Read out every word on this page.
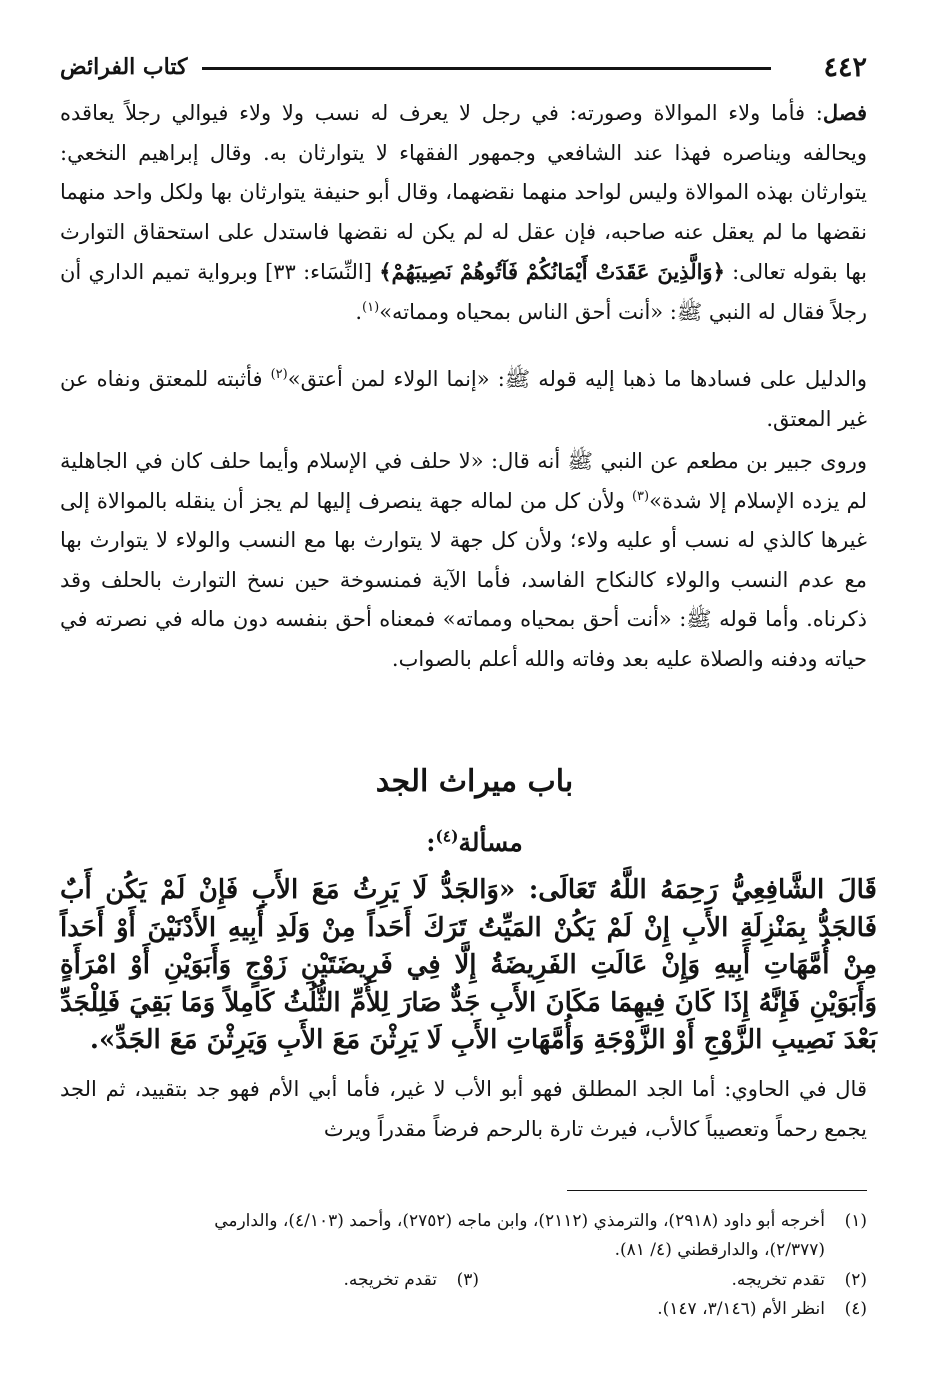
٤٤٢
كتاب الفرائض

فصل: فأما ولاء الموالاة وصورته: في رجل لا يعرف له نسب ولا ولاء فيوالي رجلاً يعاقده ويحالفه ويناصره فهذا عند الشافعي وجمهور الفقهاء لا يتوارثان به. وقال إبراهيم النخعي: يتوارثان بهذه الموالاة وليس لواحد منهما نقضهما، وقال أبو حنيفة يتوارثان بها ولكل واحد منهما نقضها ما لم يعقل عنه صاحبه، فإن عقل له لم يكن له نقضها فاستدل على استحقاق التوارث بها بقوله تعالى: ﴿وَالَّذِينَ عَقَدَتْ أَيْمَانُكُمْ فَآتُوهُمْ نَصِيبَهُمْ﴾ [النِّسَاء: ٣٣] وبرواية تميم الداري أن رجلاً فقال له النبي ﷺ: «أنت أحق الناس بمحياه ومماته»$^{(١)}$.

والدليل على فسادها ما ذهبا إليه قوله ﷺ: «إنما الولاء لمن أعتق»$^{(٢)}$ فأثبته للمعتق ونفاه عن غير المعتق.

وروى جبير بن مطعم عن النبي ﷺ أنه قال: «لا حلف في الإسلام وأيما حلف كان في الجاهلية لم يزده الإسلام إلا شدة»$^{(٣)}$ ولأن كل من لماله جهة ينصرف إليها لم يجز أن ينقله بالموالاة إلى غيرها كالذي له نسب أو عليه ولاء؛ ولأن كل جهة لا يتوارث بها مع النسب والولاء لا يتوارث بها مع عدم النسب والولاء كالنكاح الفاسد، فأما الآية فمنسوخة حين نسخ التوارث بالحلف وقد ذكرناه. وأما قوله ﷺ: «أنت أحق بمحياه ومماته» فمعناه أحق بنفسه دون ماله في نصرته في حياته ودفنه والصلاة عليه بعد وفاته والله أعلم بالصواب.

باب ميراث الجد
مسألة$^{(٤)}$:

قَالَ الشَّافِعِيُّ رَحِمَهُ اللَّهُ تَعَالَى: «وَالجَدُّ لَا يَرِثُ مَعَ الأَبِ فَإِنْ لَمْ يَكُن أَبٌ فَالجَدُّ بِمَنْزِلَةِ الأَبِ إِنْ لَمْ يَكُنْ المَيِّتُ تَرَكَ أَحَداً مِنْ وَلَدِ أَبِيهِ الأَدْنَيْنَ أَوْ أَحَداً مِنْ أُمَّهَاتِ أَبِيهِ وَإِنْ عَالَتِ الفَرِيضَةُ إِلَّا فِي فَرِيضَتَيْنِ زَوْجٍ وَأَبَوَيْنِ أَوْ امْرَأَةٍ وَأَبَوَيْنِ فَإِنَّهُ إِذَا كَانَ فِيهِمَا مَكَانَ الأَبِ جَدٌّ صَارَ لِلأُمِّ الثُّلُثُ كَامِلاً وَمَا بَقِيَ فَلِلْجَدِّ بَعْدَ نَصِيبِ الزَّوْجِ أَوْ الزَّوْجَةِ وَأُمَّهَاتِ الأَبِ لَا يَرِثْنَ مَعَ الأَبِ وَيَرِثْنَ مَعَ الجَدِّ».

قال في الحاوي: أما الجد المطلق فهو أبو الأب لا غير، فأما أبي الأم فهو جد بتقييد، ثم الجد يجمع رحماً وتعصيباً كالأب، فيرث تارة بالرحم فرضاً مقدراً ويرث

(١)أخرجه أبو داود (٢٩١٨)، والترمذي (٢١١٢)، وابن ماجه (٢٧٥٢)، وأحمد (٤/١٠٣)، والدارمي
(٢/٣٧٧)، والدارقطني (٤/ ٨١).
(٢)تقدم تخريجه.
(٣)تقدم تخريجه.
(٤)انظر الأم (٣/١٤٦، ١٤٧).
